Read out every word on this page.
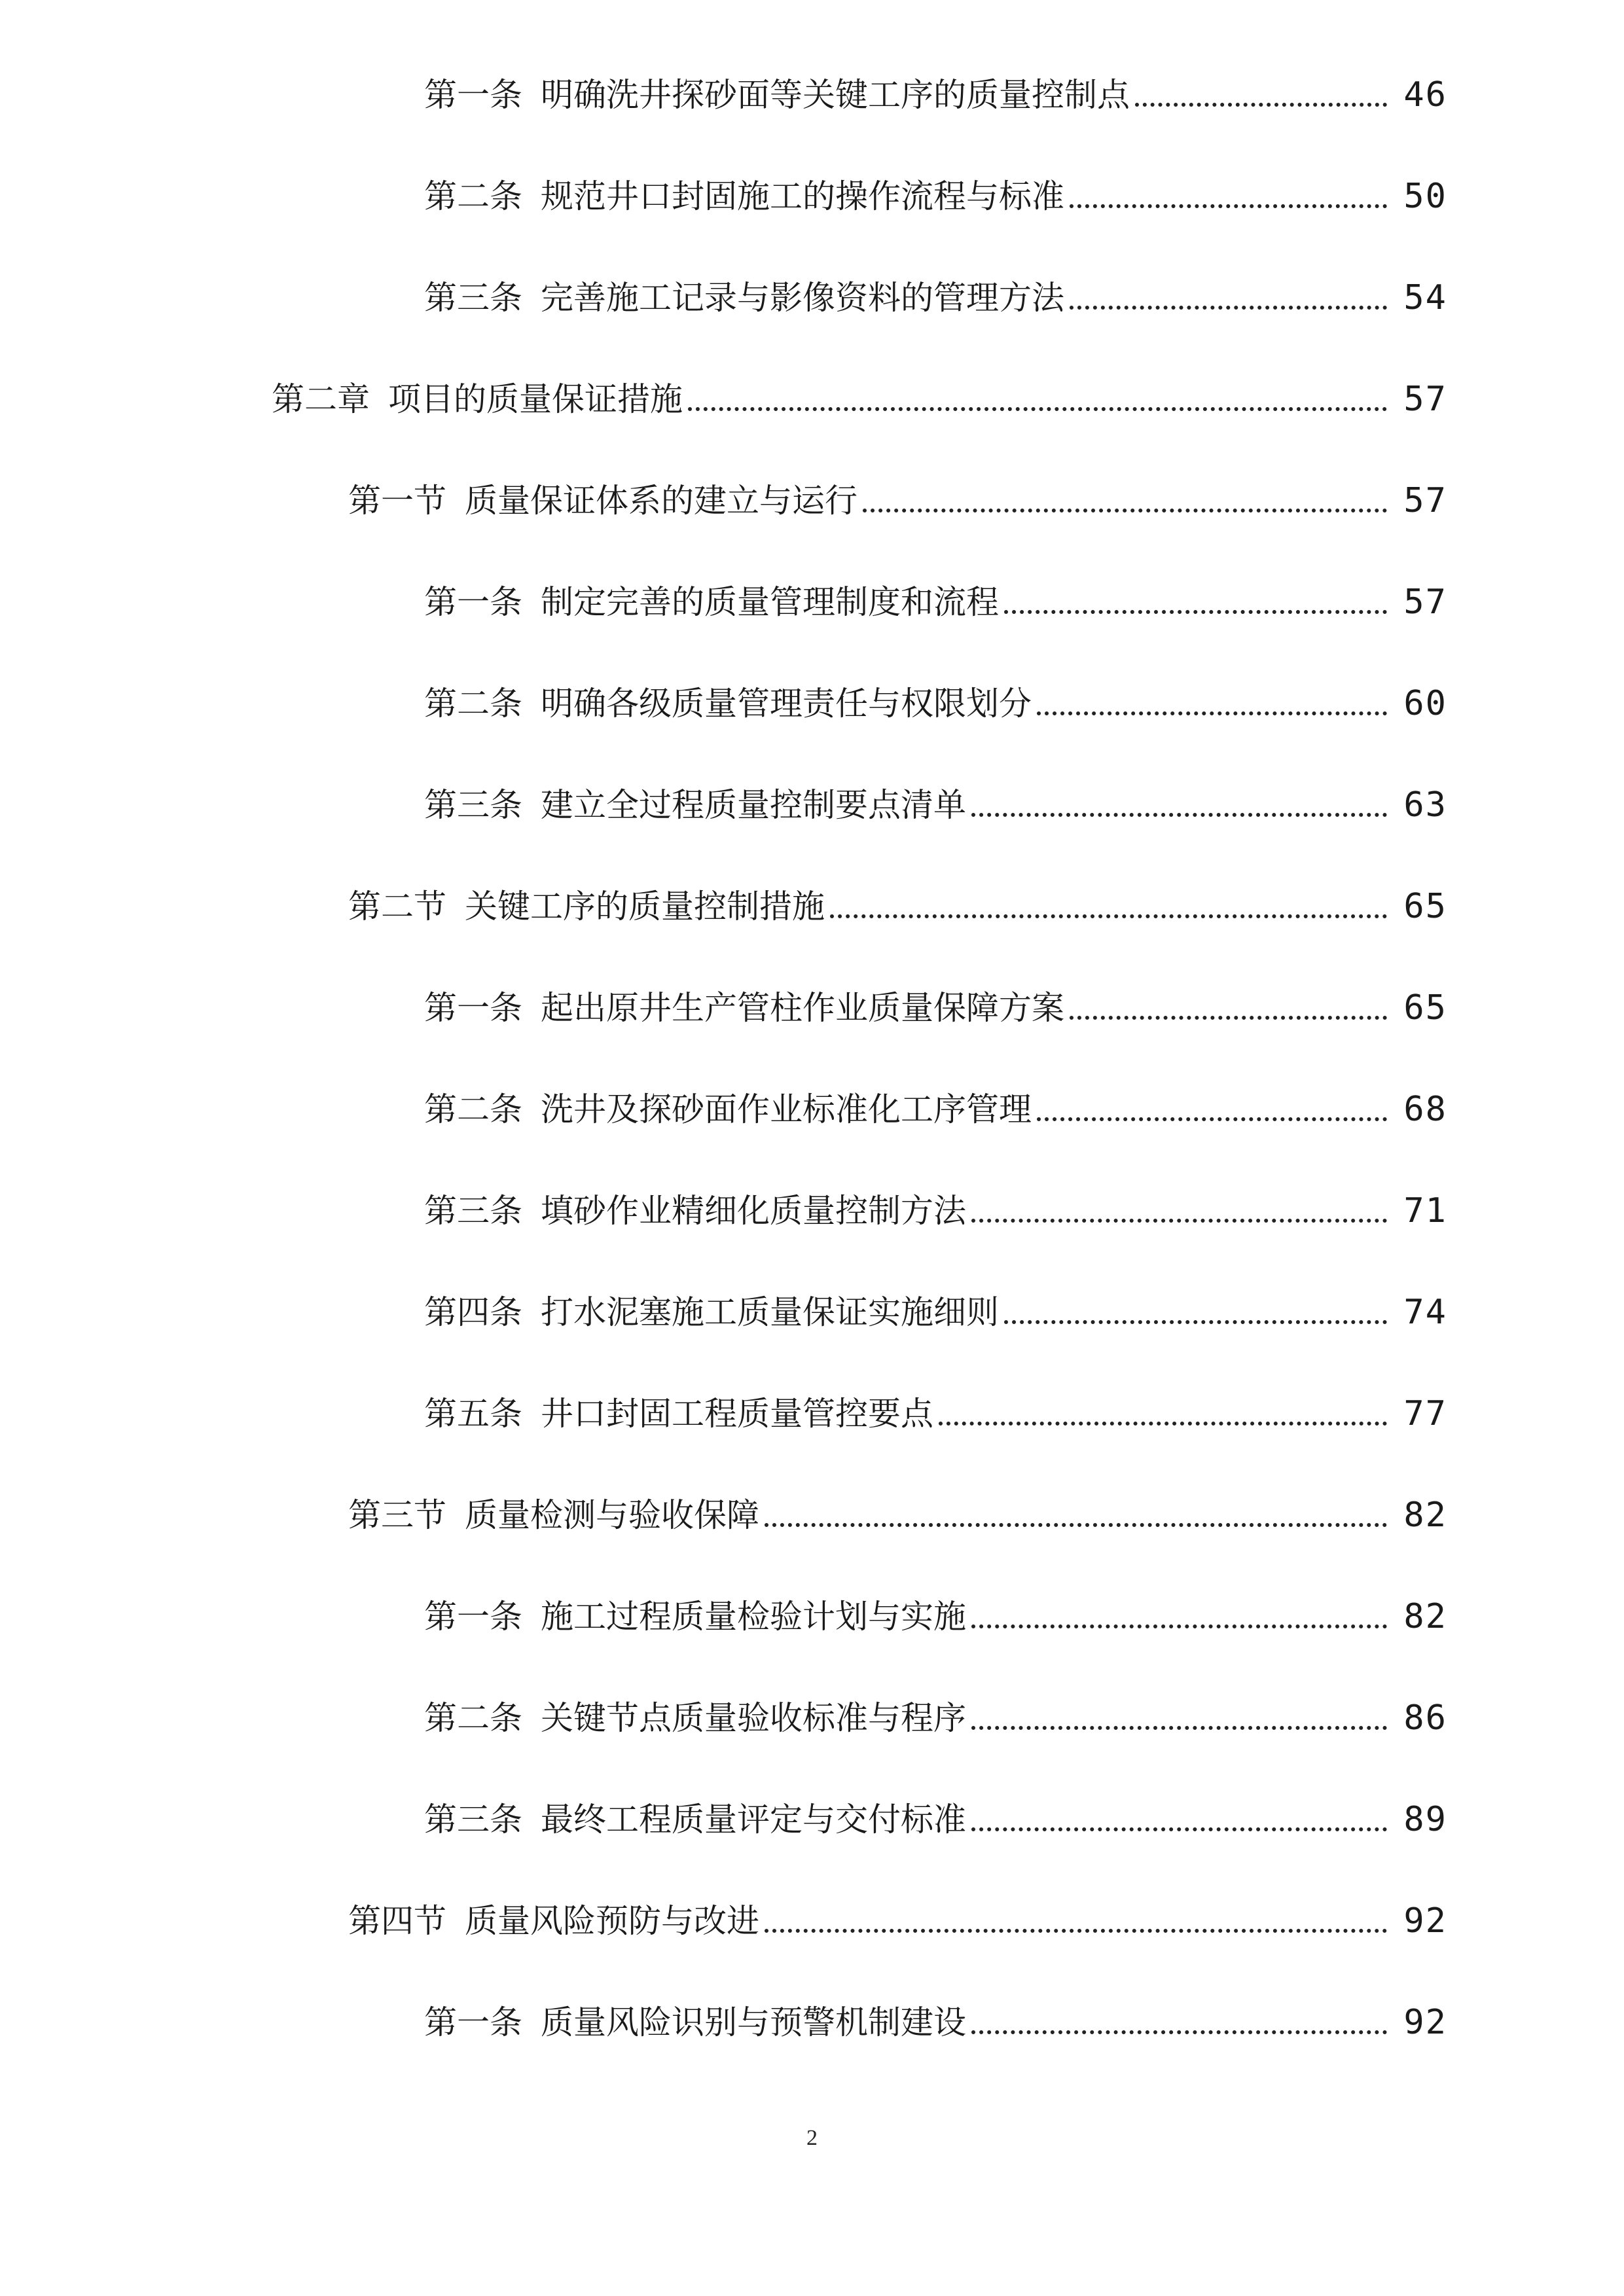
第一条 明确洗井探砂面等关键工序的质量控制点	46
第二条 规范井口封固施工的操作流程与标准	50
第三条 完善施工记录与影像资料的管理方法	54
第二章 项目的质量保证措施	57
第一节 质量保证体系的建立与运行	57
第一条 制定完善的质量管理制度和流程	57
第二条 明确各级质量管理责任与权限划分	60
第三条 建立全过程质量控制要点清单	63
第二节 关键工序的质量控制措施	65
第一条 起出原井生产管柱作业质量保障方案	65
第二条 洗井及探砂面作业标准化工序管理	68
第三条 填砂作业精细化质量控制方法	71
第四条 打水泥塞施工质量保证实施细则	74
第五条 井口封固工程质量管控要点	77
第三节 质量检测与验收保障	82
第一条 施工过程质量检验计划与实施	82
第二条 关键节点质量验收标准与程序	86
第三条 最终工程质量评定与交付标准	89
第四节 质量风险预防与改进	92
第一条 质量风险识别与预警机制建设	92
2
